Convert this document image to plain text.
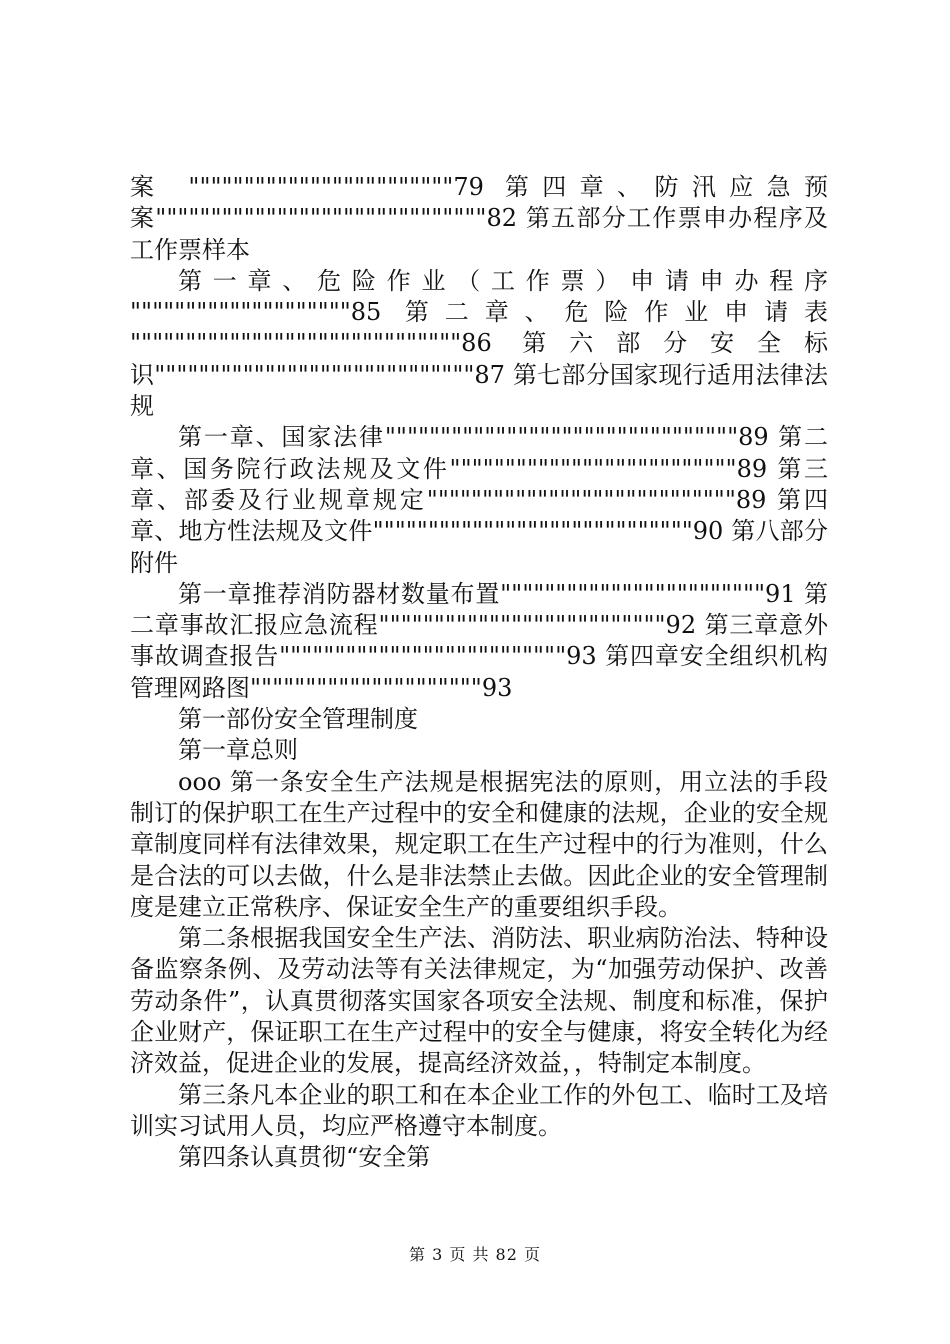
案 """"""""""""""""""""""""79 第四章、防汛应急预案""""""""""""""""""""""""""""""82 第五部分工作票申办程序及工作票样本

第一章、危险作业（工作票）申请申办程序 """"""""""""""""""""85 第二章、危险作业申请表 """"""""""""""""""""""""""""""86 第六部分安全标识"""""""""""""""""""""""""""""87 第七部分国家现行适用法律法规

第一章、国家法律""""""""""""""""""""""""""""""""89 第二章、国务院行政法规及文件""""""""""""""""""""""""""89 第三章、部委及行业规章规定""""""""""""""""""""""""""""89 第四章、地方性法规及文件"""""""""""""""""""""""""""""90 第八部分附件

第一章推荐消防器材数量布置""""""""""""""""""""""""91 第二章事故汇报应急流程""""""""""""""""""""""""""92 第三章意外事故调查报告""""""""""""""""""""""""""93 第四章安全组织机构管理网路图"""""""""""""""""""""93

第一部份安全管理制度

第一章总则

ooo 第一条安全生产法规是根据宪法的原则，用立法的手段制订的保护职工在生产过程中的安全和健康的法规，企业的安全规章制度同样有法律效果，规定职工在生产过程中的行为准则，什么是合法的可以去做，什么是非法禁止去做。因此企业的安全管理制度是建立正常秩序、保证安全生产的重要组织手段。

第二条根据我国安全生产法、消防法、职业病防治法、特种设备监察条例、及劳动法等有关法律规定，为“加强劳动保护、改善劳动条件”，认真贯彻落实国家各项安全法规、制度和标准，保护企业财产，保证职工在生产过程中的安全与健康，将安全转化为经济效益，促进企业的发展，提高经济效益，，特制定本制度。

第三条凡本企业的职工和在本企业工作的外包工、临时工及培训实习试用人员，均应严格遵守本制度。

第四条认真贯彻“安全第

第 3 页 共 82 页
